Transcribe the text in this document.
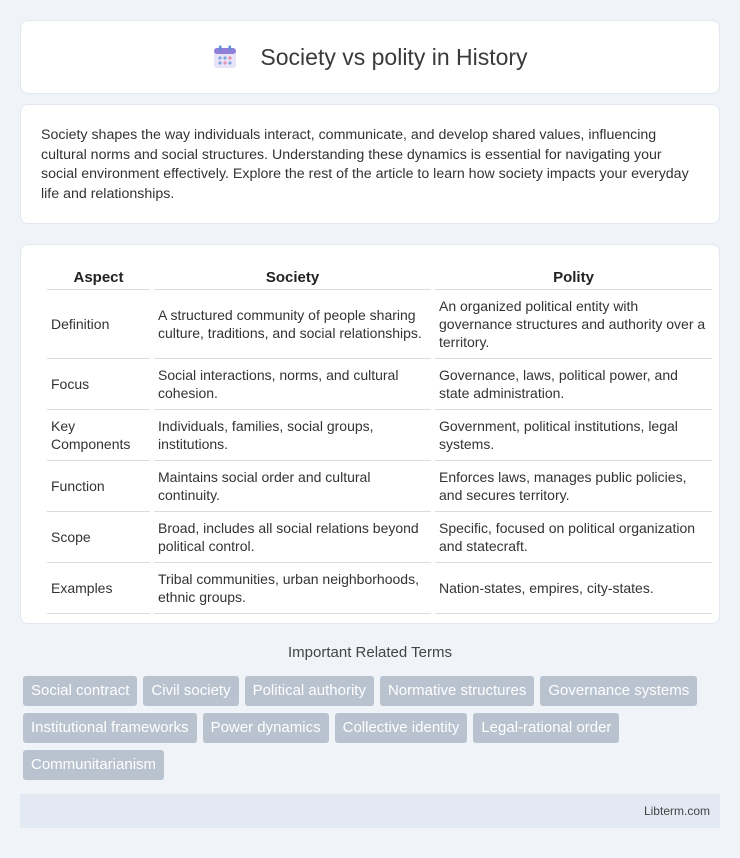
Society vs polity in History

Society shapes the way individuals interact, communicate, and develop shared values, influencing cultural norms and social structures. Understanding these dynamics is essential for navigating your social environment effectively. Explore the rest of the article to learn how society impacts your everyday life and relationships.

Aspect	Society	Polity
Definition	A structured community of people sharing culture, traditions, and social relationships.	An organized political entity with governance structures and authority over a territory.
Focus	Social interactions, norms, and cultural cohesion.	Governance, laws, political power, and state administration.
Key Components	Individuals, families, social groups, institutions.	Government, political institutions, legal systems.
Function	Maintains social order and cultural continuity.	Enforces laws, manages public policies, and secures territory.
Scope	Broad, includes all social relations beyond political control.	Specific, focused on political organization and statecraft.
Examples	Tribal communities, urban neighborhoods, ethnic groups.	Nation-states, empires, city-states.
Important Related Terms
Social contract	Civil society	Political authority	Normative structures	Governance systems
Institutional frameworks	Power dynamics	Collective identity	Legal-rational order
Communitarianism
Libterm.com
